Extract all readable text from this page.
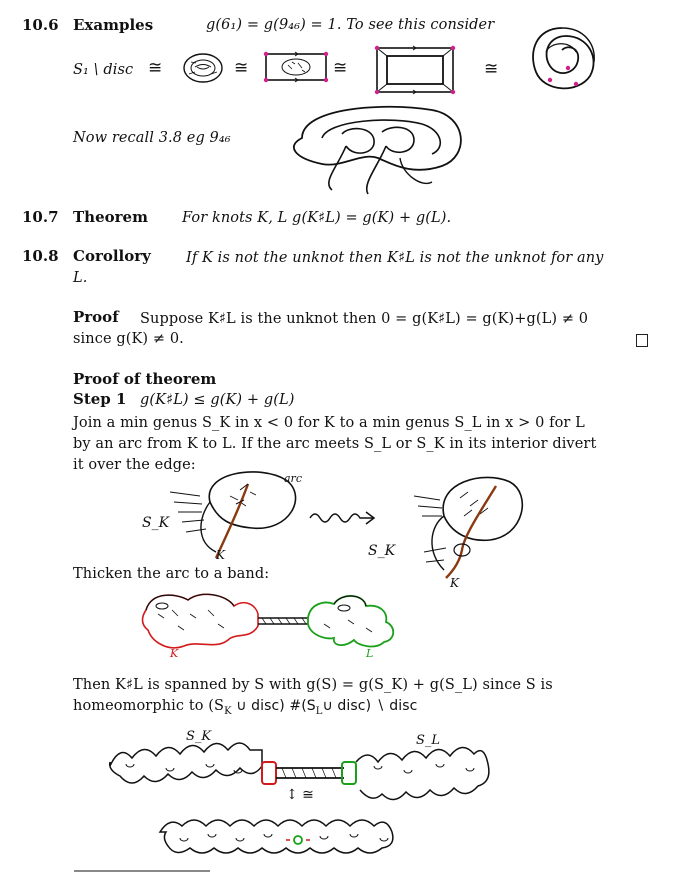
10.6 Examples	g(6₁) = g(9₄₆) = 1. To see this consider
S₁ \ disc ≅	≅	≅	≅
Now recall 3.8 eg 9₄₆
10.7 Theorem For knots K, L g(K♯L) = g(K) + g(L).
10.8 Corollory If K is not the unknot then K♯L is not the unknot for any
L.
Proof Suppose K♯L is the unknot then 0 = g(K♯L) = g(K)+g(L) ≠ 0
since g(K) ≠ 0.
Proof of theorem
Step 1 g(K♯L) ≤ g(K) + g(L)
Join a min genus S_K in x < 0 for K to a min genus S_L in x > 0 for L
by an arc from K to L. If the arc meets S_L or S_K in its interior divert
it over the edge:
arc
S_K
K	S_K
K
Thicken the arc to a band:
K	L
Then K♯L is spanned by S with g(S) = g(S_K) + g(S_L) since S is
homeomorphic to ($S_K$ ∪ disc) $\#(S_L\cup$ disc) ∖ disc
S_K	S_L
↕ ≅
